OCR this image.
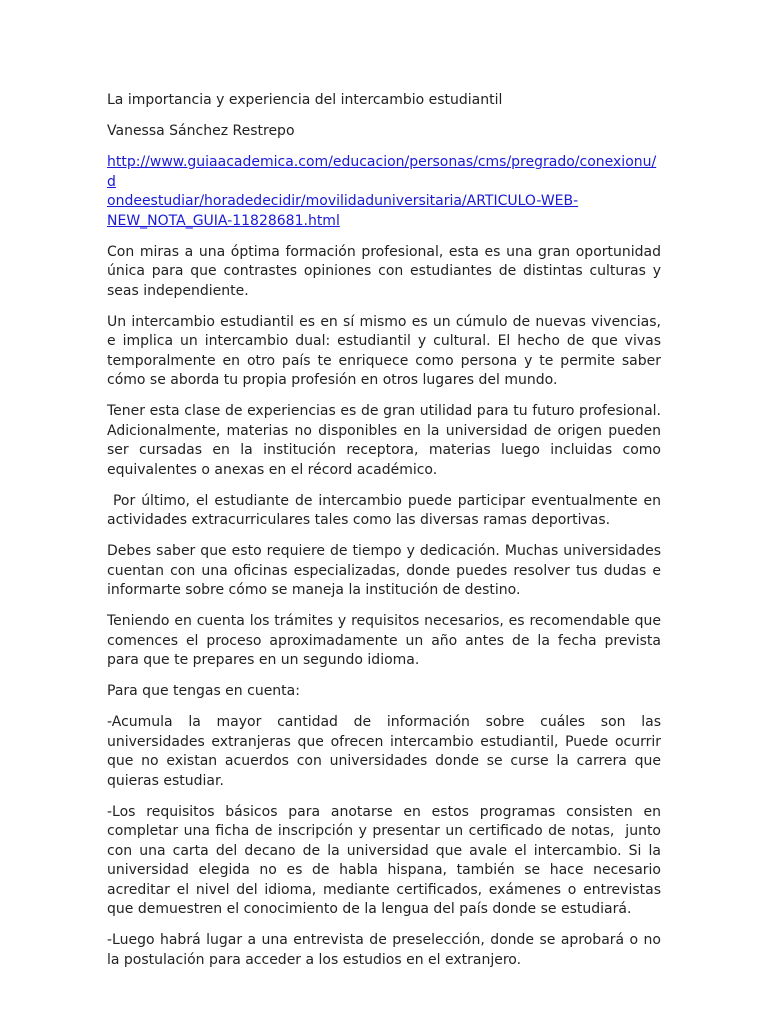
La importancia y experiencia del intercambio estudiantil

Vanessa Sánchez Restrepo

http://www.guiaacademica.com/educacion/personas/cms/pregrado/conexionu/d
ondeestudiar/horadedecidir/movilidaduniversitaria/ARTICULO-WEB-
NEW_NOTA_GUIA-11828681.html

Con miras a una óptima formación profesional, esta es una gran oportunidad única para que contrastes opiniones con estudiantes de distintas culturas y seas independiente.

Un intercambio estudiantil es en sí mismo es un cúmulo de nuevas vivencias, e implica un intercambio dual: estudiantil y cultural. El hecho de que vivas temporalmente en otro país te enriquece como persona y te permite saber cómo se aborda tu propia profesión en otros lugares del mundo.

Tener esta clase de experiencias es de gran utilidad para tu futuro profesional. Adicionalmente, materias no disponibles en la universidad de origen pueden ser cursadas en la institución receptora, materias luego incluidas como equivalentes o anexas en el récord académico.

Por último, el estudiante de intercambio puede participar eventualmente en actividades extracurriculares tales como las diversas ramas deportivas.

Debes saber que esto requiere de tiempo y dedicación. Muchas universidades cuentan con una oficinas especializadas, donde puedes resolver tus dudas e informarte sobre cómo se maneja la institución de destino.

Teniendo en cuenta los trámites y requisitos necesarios, es recomendable que comences el proceso aproximadamente un año antes de la fecha prevista para que te prepares en un segundo idioma.

Para que tengas en cuenta:

-Acumula la mayor cantidad de información sobre cuáles son las universidades extranjeras que ofrecen intercambio estudiantil, Puede ocurrir que no existan acuerdos con universidades donde se curse la carrera que quieras estudiar.

-Los requisitos básicos para anotarse en estos programas consisten en completar una ficha de inscripción y presentar un certificado de notas,  junto con una carta del decano de la universidad que avale el intercambio. Si la universidad elegida no es de habla hispana, también se hace necesario acreditar el nivel del idioma, mediante certificados, exámenes o entrevistas que demuestren el conocimiento de la lengua del país donde se estudiará.

-Luego habrá lugar a una entrevista de preselección, donde se aprobará o no la postulación para acceder a los estudios en el extranjero.
